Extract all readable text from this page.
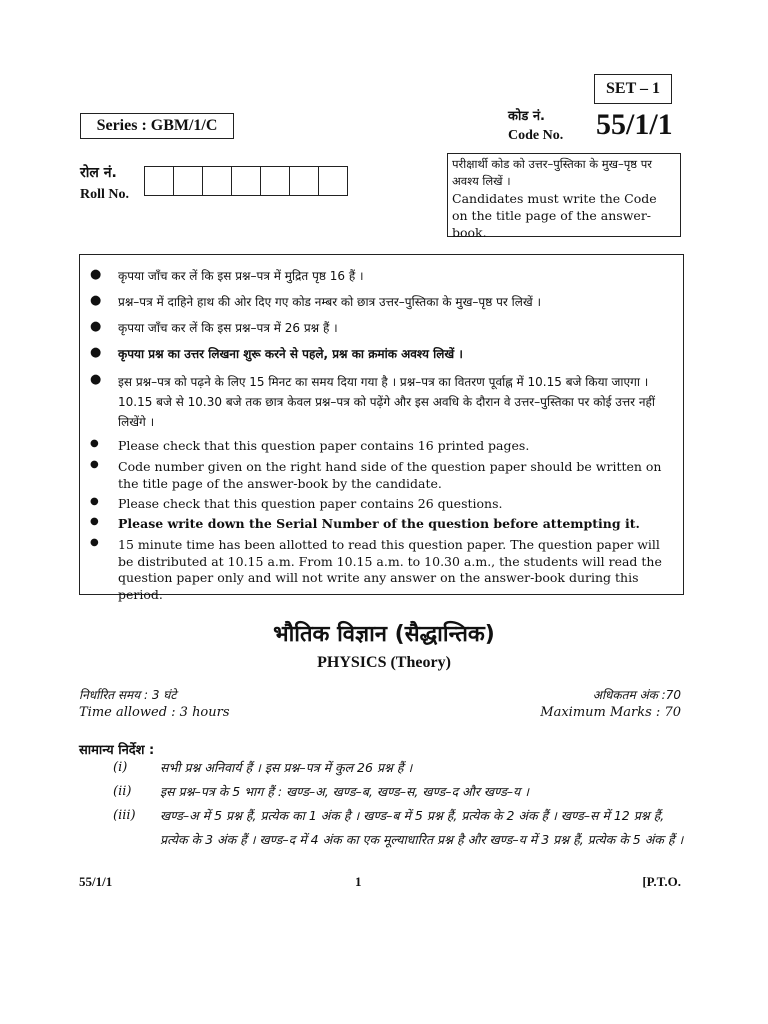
SET – 1
Series : GBM/1/C
कोड नं.
Code No. 55/1/1
रोल नं.
Roll No.
परीक्षार्थी कोड को उत्तर–पुस्तिका के मुख–पृष्ठ पर अवश्य लिखें ।
Candidates must write the Code on the title page of the answer-book.
● कृपया जाँच कर लें कि इस प्रश्न–पत्र में मुद्रित पृष्ठ 16 हैं ।
● प्रश्न–पत्र में दाहिने हाथ की ओर दिए गए कोड नम्बर को छात्र उत्तर–पुस्तिका के मुख–पृष्ठ पर लिखें ।
● कृपया जाँच कर लें कि इस प्रश्न–पत्र में 26 प्रश्न हैं ।
● कृपया प्रश्न का उत्तर लिखना शुरू करने से पहले, प्रश्न का क्रमांक अवश्य लिखें ।
● इस प्रश्न–पत्र को पढ़ने के लिए 15 मिनट का समय दिया गया है । प्रश्न–पत्र का वितरण पूर्वाह्न में 10.15 बजे किया जाएगा । 10.15 बजे से 10.30 बजे तक छात्र केवल प्रश्न–पत्र को पढ़ेंगे और इस अवधि के दौरान वे उत्तर–पुस्तिका पर कोई उत्तर नहीं लिखेंगे ।
● Please check that this question paper contains 16 printed pages.
● Code number given on the right hand side of the question paper should be written on the title page of the answer-book by the candidate.
● Please check that this question paper contains 26 questions.
● Please write down the Serial Number of the question before attempting it.
● 15 minute time has been allotted to read this question paper. The question paper will be distributed at 10.15 a.m. From 10.15 a.m. to 10.30 a.m., the students will read the question paper only and will not write any answer on the answer-book during this period.
भौतिक विज्ञान (सैद्धान्तिक)
PHYSICS (Theory)
निर्धारित समय : 3 घंटे
Time allowed : 3 hours
अधिकतम अंक :70
Maximum Marks : 70
सामान्य निर्देश :
(i)	सभी प्रश्न अनिवार्य हैं । इस प्रश्न–पत्र में कुल 26 प्रश्न हैं ।
(ii) इस प्रश्न–पत्र के 5 भाग हैं : खण्ड–अ, खण्ड–ब, खण्ड–स, खण्ड–द और खण्ड–य ।
(iii) खण्ड–अ में 5 प्रश्न हैं, प्रत्येक का 1 अंक है । खण्ड–ब में 5 प्रश्न हैं, प्रत्येक के 2 अंक हैं । खण्ड–स में 12 प्रश्न हैं, प्रत्येक के 3 अंक हैं । खण्ड–द में 4 अंक का एक मूल्याधारित प्रश्न है और खण्ड–य में 3 प्रश्न हैं, प्रत्येक के 5 अंक हैं ।
55/1/1	1	[P.T.O.
